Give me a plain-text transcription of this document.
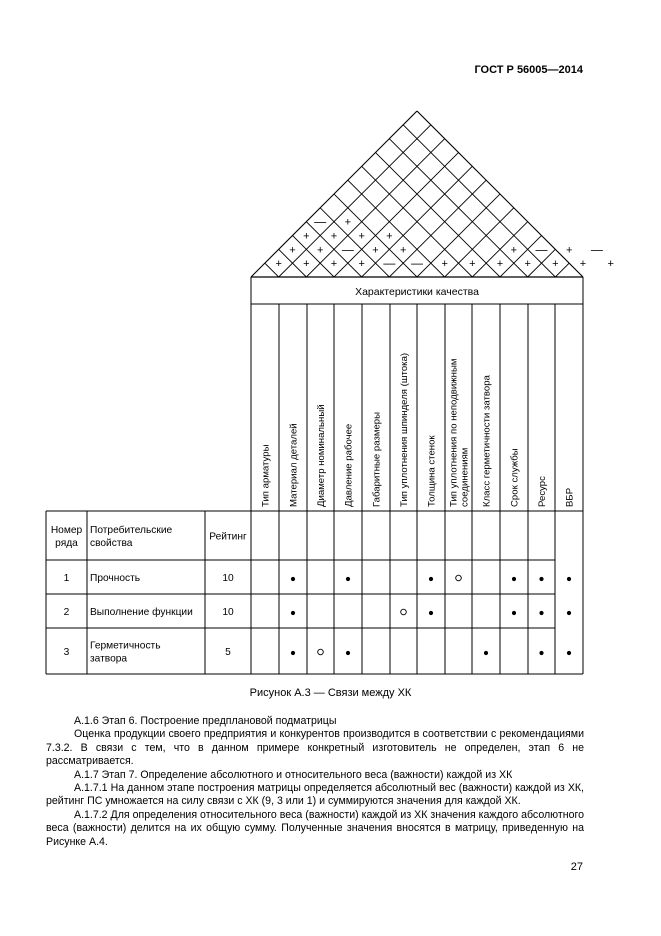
ГОСТ Р 56005—2014
+
+
+
—
+
+
+
+
+
—
+
+
+
+
—
+
— + + +
+
+
—
+
+
+
—
+
Характеристики качества
Тип арматуры Материал деталей Диаметр номинальный Давление рабочее Габаритные размеры Тип уплотнения шпинделя (штока) Толщина стенок Тип уплотнения по неподвижным соединениям Класс герметичности затвора Срок службы Ресурс ВБР
Номер
ряда
Потребительские
свойства
Рейтинг
1 Прочность	10
2 Выполнение функции	10
3
Герметичность
затвора
5
Рисунок А.3 — Связи между ХК

А.1.6 Этап 6. Построение предплановой подматрицы

Оценка продукции своего предприятия и конкурентов производится в соответствии с рекомендациями 7.3.2. В связи с тем, что в данном примере конкретный изготовитель не определен, этап 6 не рассматривается.

А.1.7 Этап 7. Определение абсолютного и относительного веса (важности) каждой из ХК

А.1.7.1 На данном этапе построения матрицы определяется абсолютный вес (важности) каждой из ХК, рейтинг ПС умножается на силу связи с ХК (9, 3 или 1) и суммируются значения для каждой ХК.

А.1.7.2 Для определения относительного веса (важности) каждой из ХК значения каждого абсолютного веса (важности) делится на их общую сумму. Полученные значения вносятся в матрицу, приведенную на Рисунке А.4.

27
